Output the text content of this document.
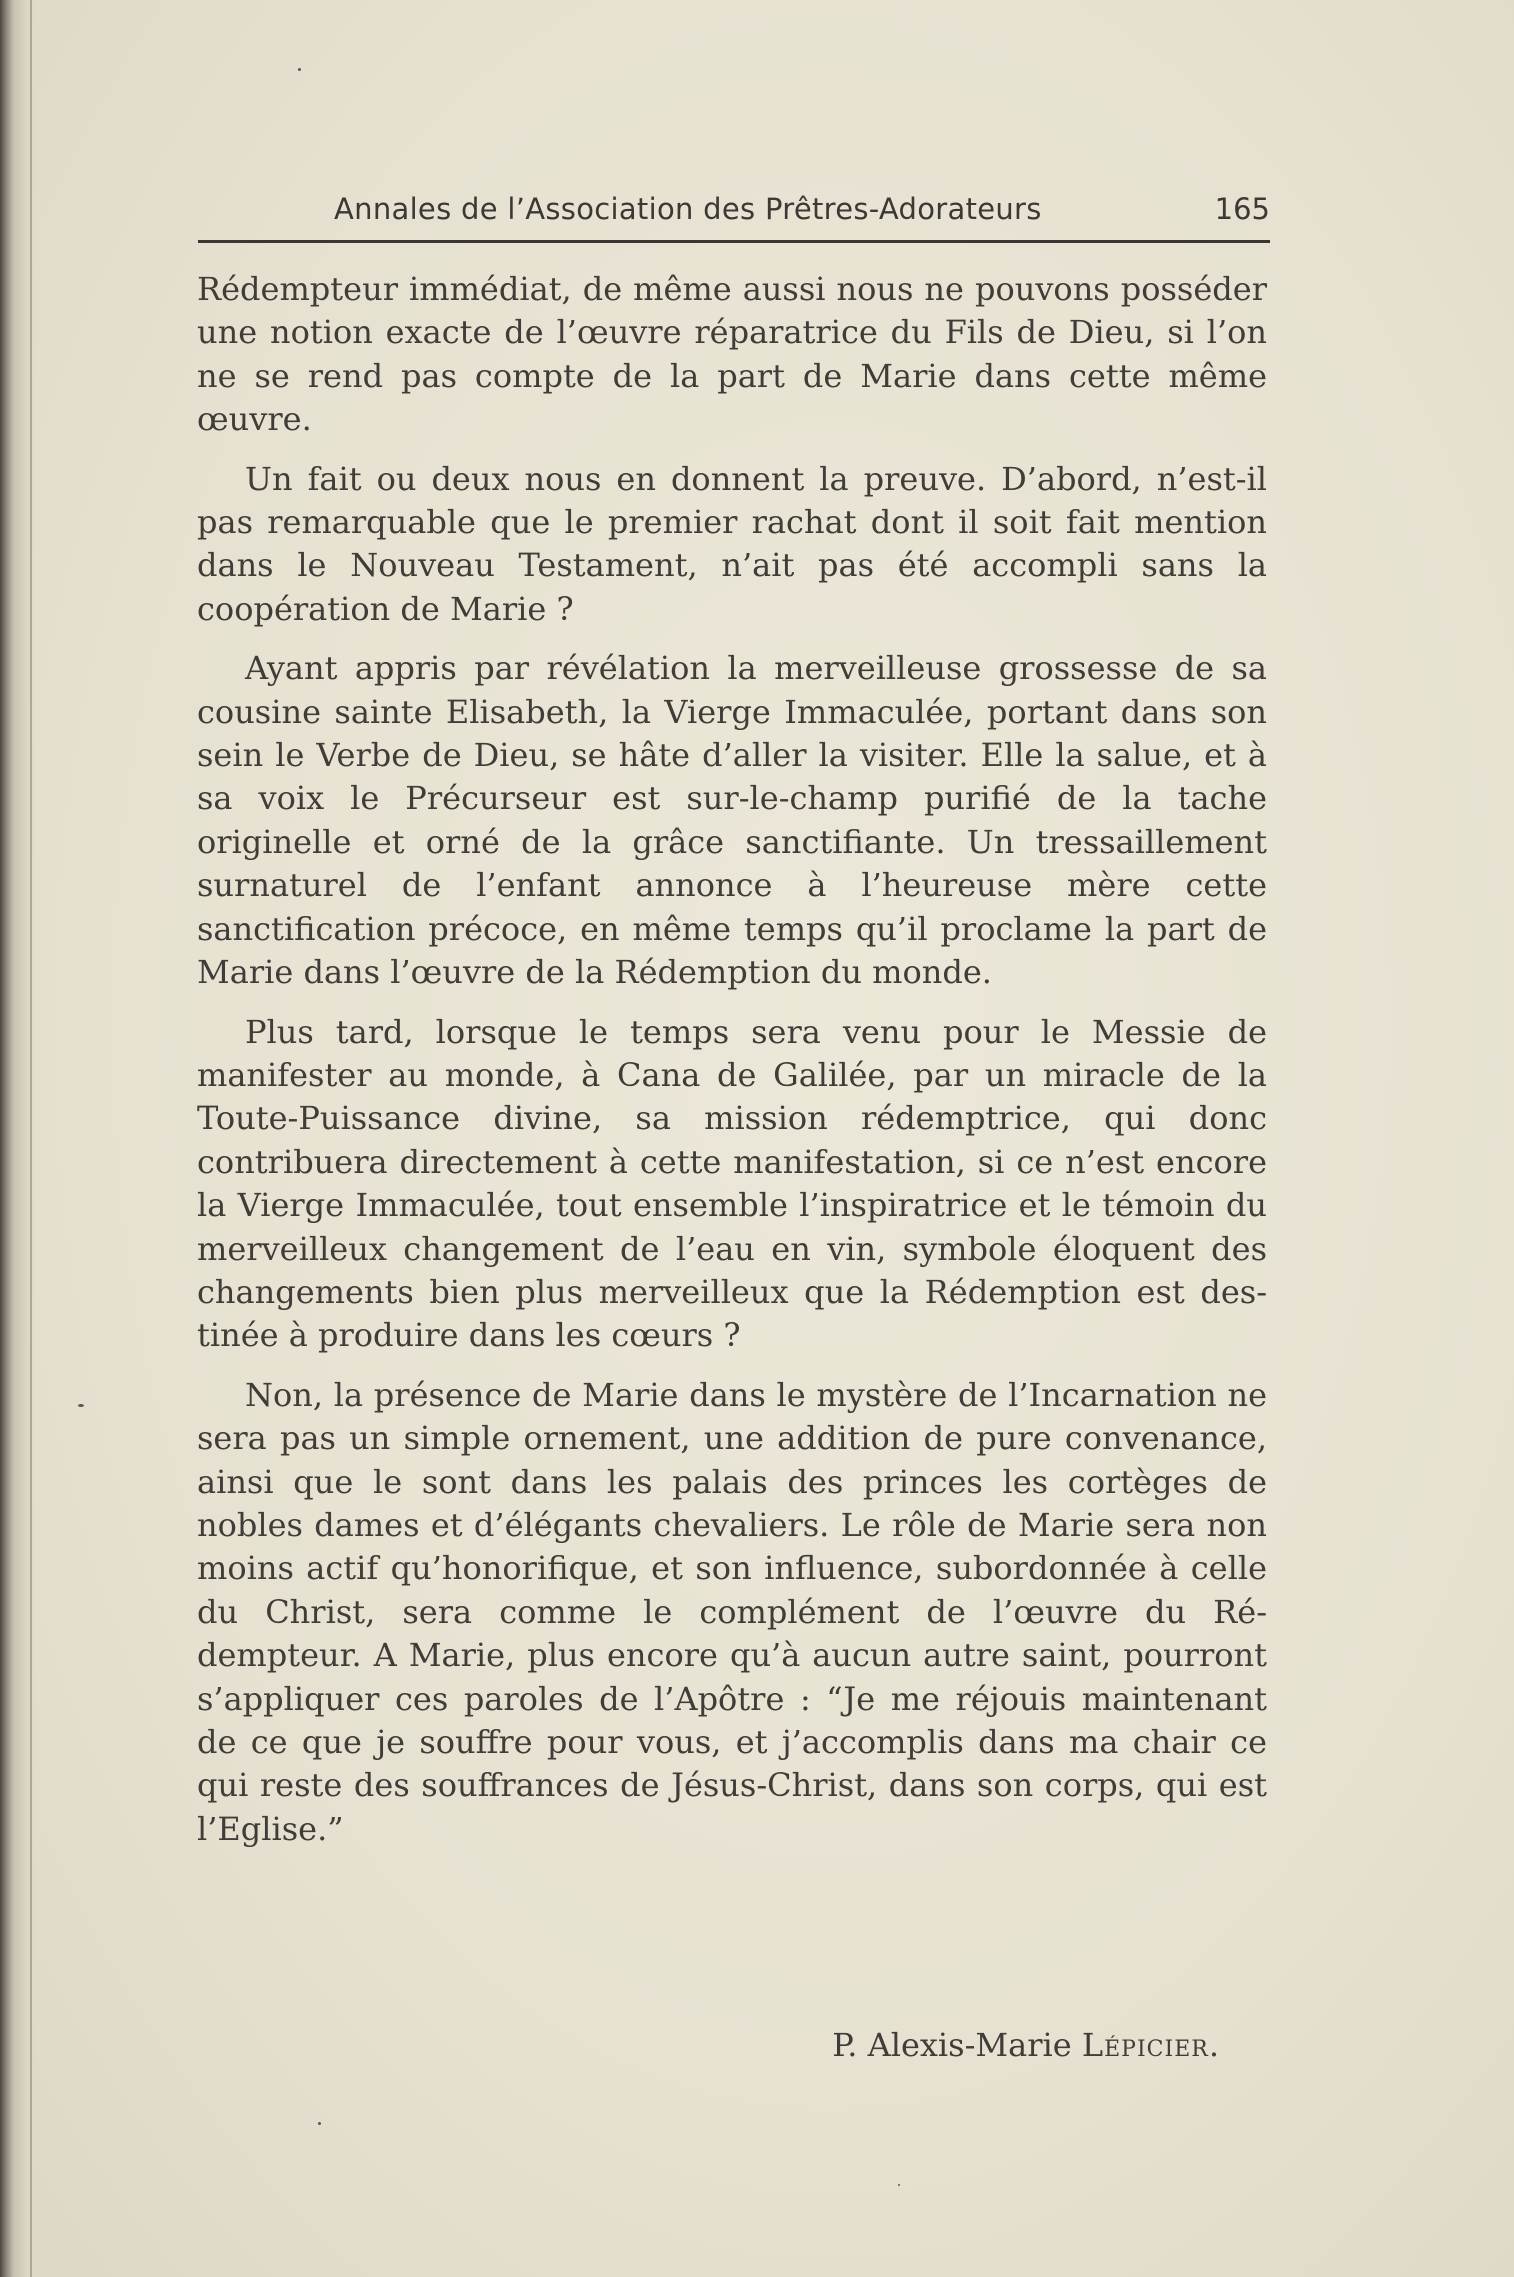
Annales de l’Association des Prêtres-Adorateurs	165

Rédempteur immédiat, de même aussi nous ne pouvons posséder une notion exacte de l’œuvre réparatrice du Fils de Dieu, si l’on ne se rend pas compte de la part de Marie dans cette même œuvre.

Un fait ou deux nous en donnent la preuve. D’abord, n’est-il pas remarquable que le premier rachat dont il soit fait mention dans le Nouveau Testament, n’ait pas été accompli sans la coopération de Marie ?

Ayant appris par révélation la merveilleuse grossesse de sa cousine sainte Elisabeth, la Vierge Immaculée, portant dans son sein le Verbe de Dieu, se hâte d’aller la visiter. Elle la salue, et à sa voix le Précurseur est sur-le-champ purifié de la tache originelle et orné de la grâce sanctifiante. Un tressaillement surnaturel de l’enfant annonce à l’heureuse mère cette sanctification précoce, en même temps qu’il proclame la part de Marie dans l’œuvre de la Rédemption du monde.

Plus tard, lorsque le temps sera venu pour le Messie de manifester au monde, à Cana de Galilée, par un miracle de la Toute-Puissance divine, sa mission rédemptrice, qui donc contribuera directement à cette manifestation, si ce n’est encore la Vierge Immaculée, tout ensemble l’inspiratrice et le témoin du merveilleux changement de l’eau en vin, symbole éloquent des changements bien plus merveilleux que la Rédemption est destinée à produire dans les cœurs ?

Non, la présence de Marie dans le mystère de l’Incarnation ne sera pas un simple ornement, une addition de pure convenance, ainsi que le sont dans les palais des princes les cortèges de nobles dames et d’élégants chevaliers. Le rôle de Marie sera non moins actif qu’honorifique, et son influence, subordonnée à celle du Christ, sera comme le complément de l’œuvre du Rédempteur. A Marie, plus encore qu’à aucun autre saint, pourront s’appliquer ces paroles de l’Apôtre : “Je me réjouis maintenant de ce que je souffre pour vous, et j’accomplis dans ma chair ce qui reste des souffrances de Jésus-Christ, dans son corps, qui est l’Eglise.”

P. Alexis-Marie Lépicier.
